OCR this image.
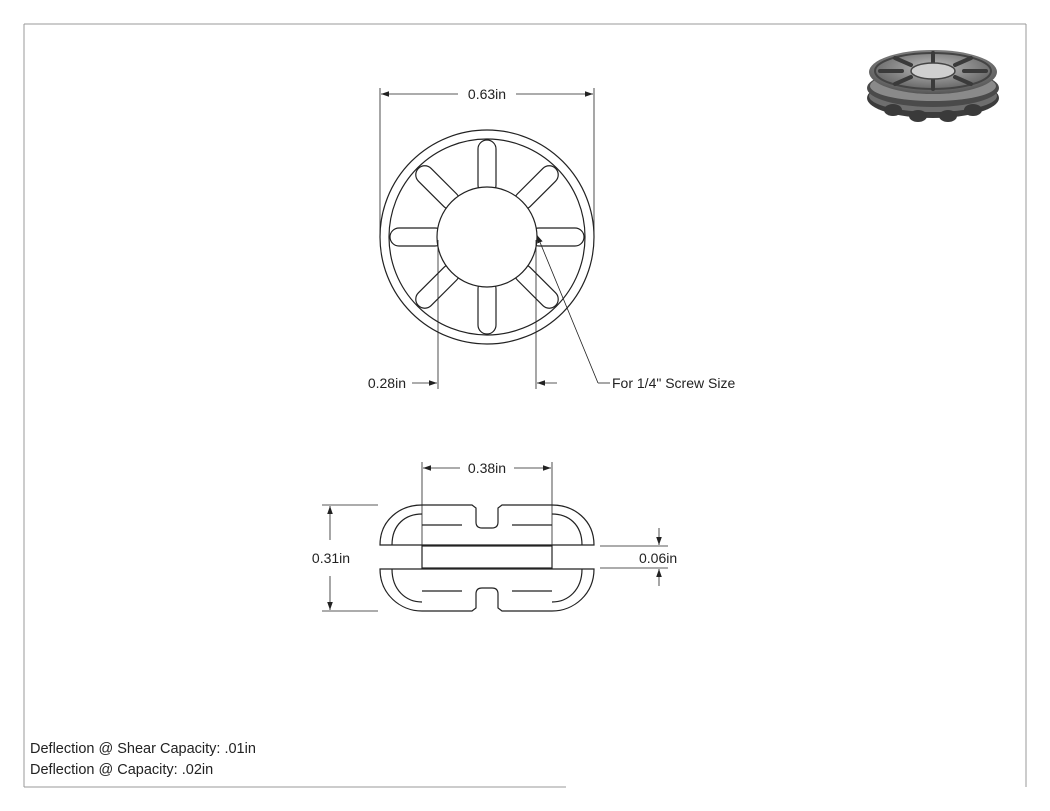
0.63in
0.28in	For 1/4" Screw Size
0.38in
0.31in	0.06in
Deflection @ Shear Capacity: .01in
Deflection @ Capacity: .02in
